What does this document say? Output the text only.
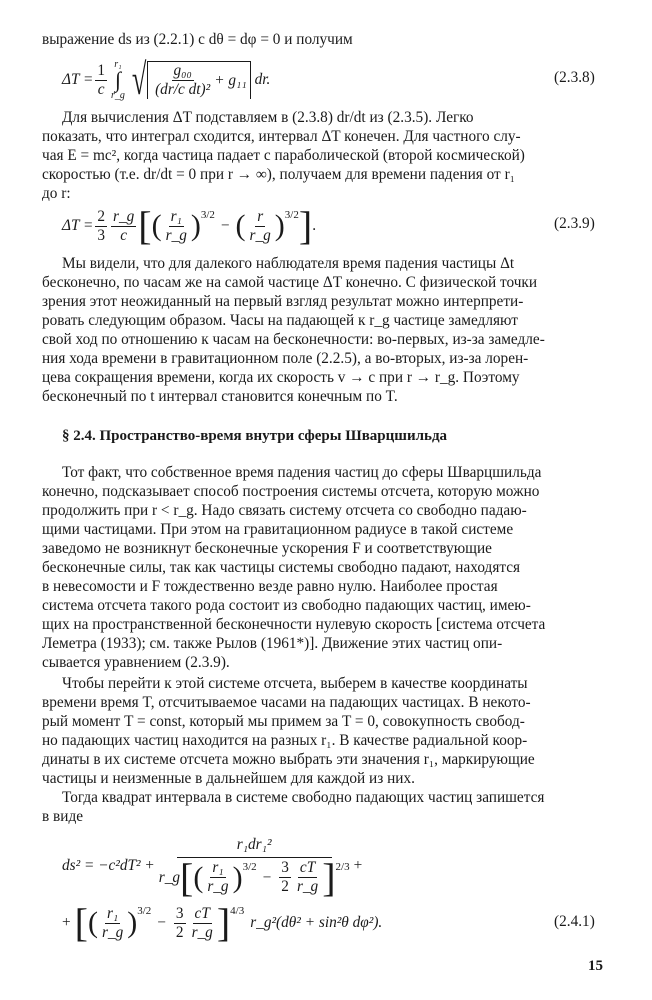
выражение ds из (2.2.1) c dθ = dφ = 0 и получим
$\Delta T = \frac{1}{c} r_1$
∫
r_g √ $\frac{\text{g₀₀}}{\text{(dr/c dt)²}} + g_{11}$ dr.	(2.3.8)
Для вычисления ΔT подставляем в (2.3.8) dr/dt из (2.3.5). Легко
показать, что интеграл сходится, интервал ΔT конечен. Для частного слу-
чая E = mc², когда частица падает с параболической (второй космической)
скоростью (т.е. dr/dt = 0 при r → ∞), получаем для времени падения от r₁
до r:
$\Delta T = \frac{2}{3} \frac{r\_g}{c}$ [ ( $\frac{\text{r₁}}{r\_g}$ ) 3/2
− ( $\frac{r}{r\_g}$ ) 3/2 ] .	(2.3.9)
Мы видели, что для далекого наблюдателя время падения частицы Δt
бесконечно, по часам же на самой частице ΔT конечно. С физической точки
зрения этот неожиданный на первый взгляд результат можно интерпрети-
ровать следующим образом. Часы на падающей к r_g частице замедляют
свой ход по отношению к часам на бесконечности: во-первых, из-за замедле-
ния хода времени в гравитационном поле (2.2.5), а во-вторых, из-за лорен-
цева сокращения времени, когда их скорость v → c при r → r_g. Поэтому
бесконечный по t интервал становится конечным по T.
§ 2.4. Пространство-время внутри сферы Шварцшильда
Тот факт, что собственное время падения частиц до сферы Шварцшильда
конечно, подсказывает способ построения системы отсчета, которую можно
продолжить при r < r_g. Надо связать систему отсчета со свободно падаю-
щими частицами. При этом на гравитационном радиусе в такой системе
заведомо не возникнут бесконечные ускорения F и соответствующие
бесконечные силы, так как частицы системы свободно падают, находятся
в невесомости и F тождественно везде равно нулю. Наиболее простая
система отсчета такого рода состоит из свободно падающих частиц, имею-
щих на пространственной бесконечности нулевую скорость [система отсчета
Леметра (1933); см. также Рылов (1961*)]. Движение этих частиц опи-
сывается уравнением (2.3.9).
Чтобы перейти к этой системе отсчета, выберем в качестве координаты
времени время T, отсчитываемое часами на падающих частицах. В некото-
рый момент T = const, который мы примем за T = 0, совокупность свобод-
но падающих частиц находится на разных r₁. В качестве радиальной коор-
динаты в их системе отсчета можно выбрать эти значения r₁, маркирующие
частицы и неизменные в дальнейшем для каждой из них.
Тогда квадрат интервала в системе свободно падающих частиц запишется
в виде
ds² = −c²dT² +
r₁dr₁²
r_g [ ( $\frac{\text{r₁}}{r\_g}$ ) 3/2
− $\frac{3}{2} \frac{cT}{r\_g}$ ] 2/3 +
+ [ ( $\frac{\text{r₁}}{r\_g}$ ) 3/2
− $\frac{3}{2} \frac{cT}{r\_g}$ ] 4/3
r_g²(dθ² + sin²θ dφ²).	(2.4.1)
15
